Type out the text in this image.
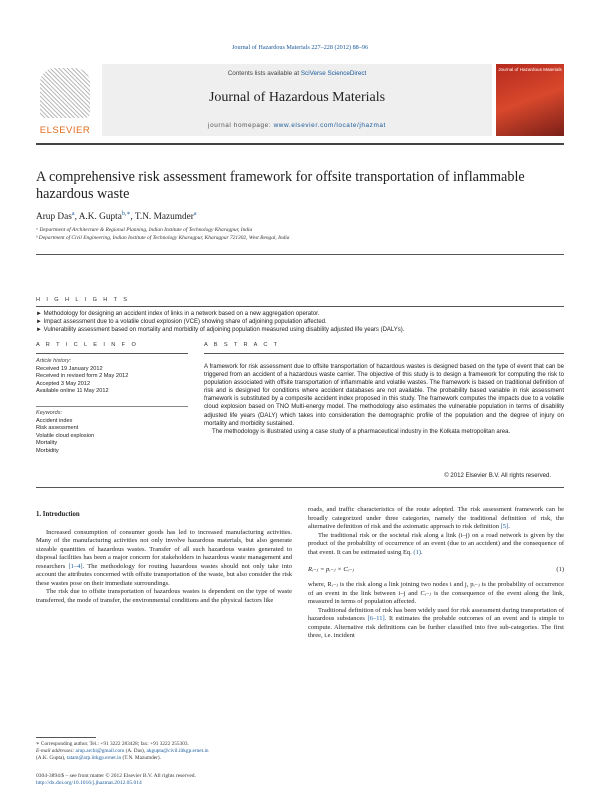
Journal of Hazardous Materials 227–228 (2012) 88–96
ELSEVIER
Contents lists available at SciVerse ScienceDirect
Journal of Hazardous Materials
journal homepage: www.elsevier.com/locate/jhazmat
Journal of Hazardous Materials
A comprehensive risk assessment framework for offsite transportation of inflammable hazardous waste
Arup Das$^a$, A.K. Gupta$^{b,∗}$, T.N. Mazumder$^a$
ᵃ Department of Architecture & Regional Planning, Indian Institute of Technology Kharagpur, India
ᵇ Department of Civil Engineering, Indian Institute of Technology Kharagpur, Kharagpur 721302, West Bengal, India
H I G H L I G H T S
► Methodology for designing an accident index of links in a network based on a new aggregation operator.
► Impact assessment due to a volatile cloud explosion (VCE) showing share of adjoining population affected.
► Vulnerability assessment based on mortality and morbidity of adjoining population measured using disability adjusted life years (DALYs).
A R T I C L E I N F O	A B S T R A C T
Article history:
Received 19 January 2012
Received in revised form 2 May 2012
Accepted 3 May 2012
Available online 11 May 2012
Keywords:
Accident index
Risk assessment
Volatile cloud explosion
Mortality
Morbidity

A framework for risk assessment due to offsite transportation of hazardous wastes is designed based on the type of event that can be triggered from an accident of a hazardous waste carrier. The objective of this study is to design a framework for computing the risk to population associated with offsite transportation of inflammable and volatile wastes. The framework is based on traditional definition of risk and is designed for conditions where accident databases are not available. The probability based variable in risk assessment framework is substituted by a composite accident index proposed in this study. The framework computes the impacts due to a volatile cloud explosion based on TNO Multi-energy model. The methodology also estimates the vulnerable population in terms of disability adjusted life years (DALY) which takes into consideration the demographic profile of the population and the degree of injury on mortality and morbidity sustained.

The methodology is illustrated using a case study of a pharmaceutical industry in the Kolkata metropolitan area.

© 2012 Elsevier B.V. All rights reserved.
1. Introduction

Increased consumption of consumer goods has led to increased manufacturing activities. Many of the manufacturing activities not only involve hazardous materials, but also generate sizeable quantities of hazardous wastes. Transfer of all such hazardous wastes generated to disposal facilities has been a major concern for stakeholders in hazardous waste management and researchers [1–4]. The methodology for routing hazardous wastes should not only take into account the attributes concerned with offsite transportation of the waste, but also consider the risk these wastes pose on their immediate surroundings.

The risk due to offsite transportation of hazardous wastes is dependent on the type of waste transferred, the mode of transfer, the environmental conditions and the physical factors like

roads, and traffic characteristics of the route adopted. The risk assessment framework can be broadly categorized under three categories, namely the traditional definition of risk, the alternative definition of risk and the axiomatic approach to risk definition [5].

The traditional risk or the societal risk along a link (i–j) on a road network is given by the product of the probability of occurrence of an event (due to an accident) and the consequence of that event. It can be estimated using Eq. (1).

Rᵢ₋ⱼ = pᵢ₋ⱼ × Cᵢ₋ⱼ	(1)

where, Rᵢ₋ⱼ is the risk along a link joining two nodes i and j, pᵢ₋ⱼ is the probability of occurrence of an event in the link between i–j and Cᵢ₋ⱼ is the consequence of the event along the link, measured in terms of population affected.

Traditional definition of risk has been widely used for risk assessment during transportation of hazardous substances [6–11]. It estimates the probable outcomes of an event and is simple to compute. Alternative risk definitions can be further classified into five sub-categories. The first three, i.e. incident

∗ Corresponding author. Tel.: +91 3222 283428; fax: +91 3222 255303.
E-mail addresses: arup.archi@gmail.com (A. Das), akgupta@civil.iitkgp.ernet.in
(A.K. Gupta), tatam@arp.iitkgp.ernet.in (T.N. Mazumder).
0304-3894/$ – see front matter © 2012 Elsevier B.V. All rights reserved.
http://dx.doi.org/10.1016/j.jhazmat.2012.05.014
